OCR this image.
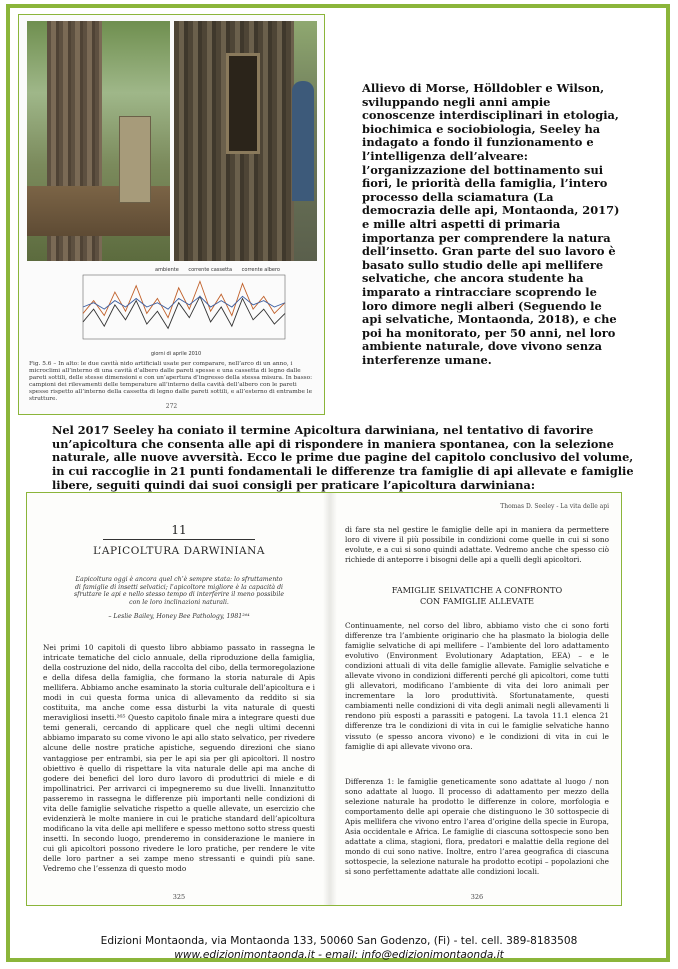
ambiente corrente cassetta corrente albero
giorni di aprile 2010
Fig. 5.6 – In alto: le due cavità nido artificiali usate per comparare, nell’arco di un anno, i microclimi all’interno di una cavità d’albero dalle pareti spesse e una cassetta di legno dalle pareti sottili, delle stesse dimensioni e con un’apertura d’ingresso della stessa misura. In basso: campioni dei rilevamenti delle temperature all’interno della cavità dell’albero con le pareti spesse rispetto all’interno della cassetta di legno dalle pareti sottili, e all’esterno di entrambe le strutture.
272
Allievo di Morse, Hölldobler e Wilson, sviluppando negli anni ampie conoscenze interdisciplinari in etologia, biochimica e sociobiologia, Seeley ha indagato a fondo il funzionamento e l’intelligenza dell’alveare: l’organizzazione del bottinamento sui fiori, le priorità della famiglia, l’intero processo della sciamatura (La democrazia delle api, Montaonda, 2017) e mille altri aspetti di primaria importanza per comprendere la natura dell’insetto. Gran parte del suo lavoro è basato sullo studio delle api mellifere selvatiche, che ancora studente ha imparato a rintracciare scoprendo le loro dimore negli alberi (Seguendo le api selvatiche, Montaonda, 2018), e che poi ha monitorato, per 50 anni, nel loro ambiente naturale, dove vivono senza interferenze umane.
Nel 2017 Seeley ha coniato il termine Apicoltura darwiniana, nel tentativo di favorire un’apicoltura che consenta alle api di rispondere in maniera spontanea, con la selezione naturale, alle nuove avversità. Ecco le prime due pagine del capitolo conclusivo del volume, in cui raccoglie in 21 punti fondamentali le differenze tra famiglie di api allevate e famiglie libere, seguiti quindi dai suoi consigli per praticare l’apicoltura darwiniana:
11
L’APICOLTURA DARWINIANA
L’apicoltura oggi è ancora quel ch’è sempre stata: lo sfruttamento di famiglie di insetti selvatici; l’apicoltore migliore è la capacità di sfruttare le api e nello stesso tempo di interferire il meno possibile con le loro inclinazioni naturali.
– Leslie Bailey, Honey Bee Pathology, 1981²⁶⁴
Nei primi 10 capitoli di questo libro abbiamo passato in rassegna le intricate tematiche del ciclo annuale, della riproduzione della famiglia, della costruzione del nido, della raccolta del cibo, della termoregolazione e della difesa della famiglia, che formano la storia naturale di Apis mellifera. Abbiamo anche esaminato la storia culturale dell’apicoltura e i modi in cui questa forma unica di allevamento da reddito si sia costituita, ma anche come essa disturbi la vita naturale di questi meravigliosi insetti.²⁶⁵ Questo capitolo finale mira a integrare questi due temi generali, cercando di applicare quel che negli ultimi decenni abbiamo imparato su come vivono le api allo stato selvatico, per rivedere alcune delle nostre pratiche apistiche, seguendo direzioni che siano vantaggiose per entrambi, sia per le api sia per gli apicoltori. Il nostro obiettivo è quello di rispettare la vita naturale delle api ma anche di godere dei benefici del loro duro lavoro di produttrici di miele e di impollinatrici. Per arrivarci ci impegneremo su due livelli. Innanzitutto passeremo in rassegna le differenze più importanti nelle condizioni di vita delle famiglie selvatiche rispetto a quelle allevate, un esercizio che evidenzierà le molte maniere in cui le pratiche standard dell’apicoltura modificano la vita delle api mellifere e spesso mettono sotto stress questi insetti. In secondo luogo, prenderemo in considerazione le maniere in cui gli apicoltori possono rivedere le loro pratiche, per rendere le vite delle loro partner a sei zampe meno stressanti e quindi più sane. Vedremo che l’essenza di questo modo
325
Thomas D. Seeley - La vita delle api
di fare sta nel gestire le famiglie delle api in maniera da permettere loro di vivere il più possibile in condizioni come quelle in cui si sono evolute, e a cui si sono quindi adattate. Vedremo anche che spesso ciò richiede di anteporre i bisogni delle api a quelli degli apicoltori.
FAMIGLIE SELVATICHE A CONFRONTO
CON FAMIGLIE ALLEVATE
Continuamente, nel corso del libro, abbiamo visto che ci sono forti differenze tra l’ambiente originario che ha plasmato la biologia delle famiglie selvatiche di api mellifere – l’ambiente del loro adattamento evolutivo (Environment Evolutionary Adaptation, EEA) – e le condizioni attuali di vita delle famiglie allevate. Famiglie selvatiche e allevate vivono in condizioni differenti perché gli apicoltori, come tutti gli allevatori, modificano l’ambiente di vita dei loro animali per incrementare la loro produttività. Sfortunatamente, questi cambiamenti nelle condizioni di vita degli animali negli allevamenti li rendono più esposti a parassiti e patogeni. La tavola 11.1 elenca 21 differenze tra le condizioni di vita in cui le famiglie selvatiche hanno vissuto (e spesso ancora vivono) e le condizioni di vita in cui le famiglie di api allevate vivono ora.
Differenza 1: le famiglie geneticamente sono adattate al luogo / non sono adattate al luogo. Il processo di adattamento per mezzo della selezione naturale ha prodotto le differenze in colore, morfologia e comportamento delle api operaie che distinguono le 30 sottospecie di Apis mellifera che vivono entro l’area d’origine della specie in Europa, Asia occidentale e Africa. Le famiglie di ciascuna sottospecie sono ben adattate a clima, stagioni, flora, predatori e malattie della regione del mondo di cui sono native. Inoltre, entro l’area geografica di ciascuna sottospecie, la selezione naturale ha prodotto ecotipi – popolazioni che si sono perfettamente adattate alle condizioni locali.
326
Edizioni Montaonda, via Montaonda 133, 50060 San Godenzo, (Fi) - tel. cell. 389-8183508
www.edizionimontaonda.it - email: info@edizionimontaonda.it
